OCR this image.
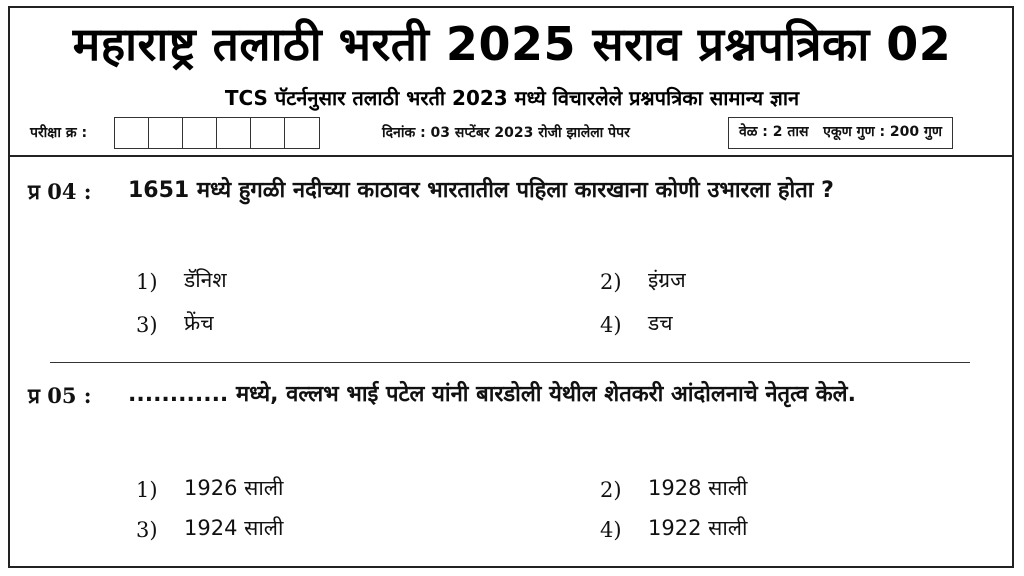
महाराष्ट्र तलाठी भरती 2025 सराव प्रश्नपत्रिका 02
TCS पॅटर्ननुसार तलाठी भरती 2023 मध्ये विचारलेले प्रश्नपत्रिका सामान्य ज्ञान
परीक्षा क्र :	दिनांक : 03 सप्टेंबर 2023 रोजी झालेला पेपर	वेळ : 2 तास   एकूण गुण : 200 गुण
प्र 04 : 1651 मध्ये हुगळी नदीच्या काठावर भारतातील पहिला कारखाना कोणी उभारला होता ?
1) डॅनिश	2) इंग्रज
3) फ्रेंच	4) डच
प्र 05 : ............ मध्ये, वल्लभ भाई पटेल यांनी बारडोली येथील शेतकरी आंदोलनाचे नेतृत्व केले.
1) 1926 साली	2) 1928 साली
3) 1924 साली	4) 1922 साली
